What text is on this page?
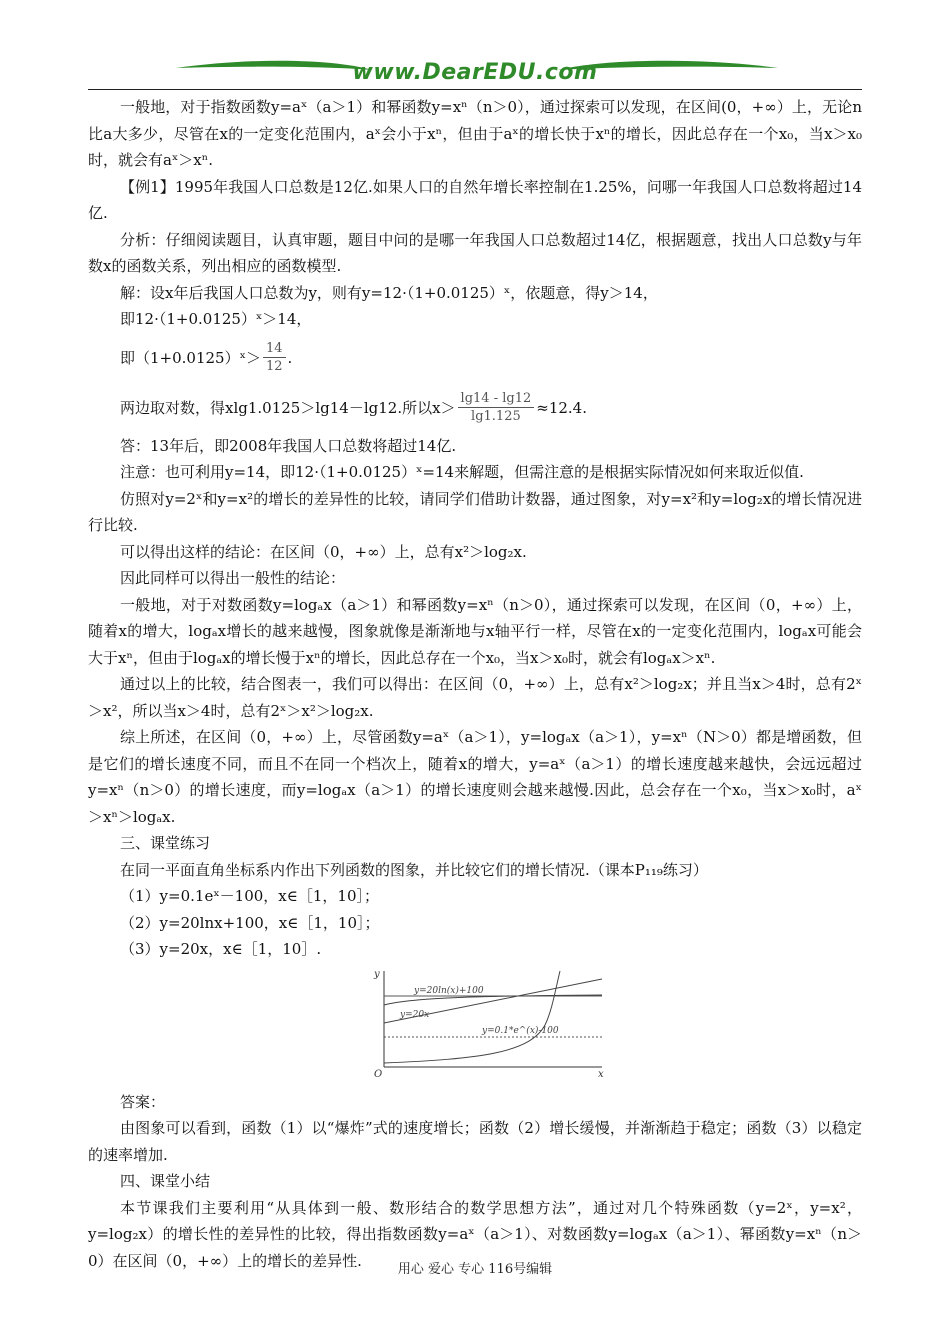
www.DearEDU.com

一般地，对于指数函数y=aˣ（a＞1）和幂函数y=xⁿ（n＞0），通过探索可以发现，在区间(0，+∞）上，无论n比a大多少，尽管在x的一定变化范围内，aˣ会小于xⁿ，但由于aˣ的增长快于xⁿ的增长，因此总存在一个x₀，当x＞x₀时，就会有aˣ＞xⁿ.

【例1】1995年我国人口总数是12亿.如果人口的自然年增长率控制在1.25%，问哪一年我国人口总数将超过14亿.

分析：仔细阅读题目，认真审题，题目中问的是哪一年我国人口总数超过14亿，根据题意，找出人口总数y与年数x的函数关系，列出相应的函数模型.

解：设x年后我国人口总数为y，则有y=12·（1+0.0125）ˣ，依题意，得y＞14，

即12·（1+0.0125）ˣ＞14，

即（1+0.0125）ˣ＞ $\frac{14}{12}$ .
两边取对数，得xlg1.0125＞lg14－lg12.所以$x> \frac{\lg 14 - \lg 12}{\lg 1.125} \approx 12.4$.

答：13年后，即2008年我国人口总数将超过14亿.

注意：也可利用y=14，即12·（1+0.0125）ˣ=14来解题，但需注意的是根据实际情况如何来取近似值.

仿照对y=2ˣ和y=x²的增长的差异性的比较，请同学们借助计数器，通过图象，对y=x²和y=log₂x的增长情况进行比较.

可以得出这样的结论：在区间（0，+∞）上，总有x²＞log₂x.

因此同样可以得出一般性的结论：

一般地，对于对数函数y=logₐx（a＞1）和幂函数y=xⁿ（n＞0），通过探索可以发现，在区间（0，+∞）上，随着x的增大，logₐx增长的越来越慢，图象就像是渐渐地与x轴平行一样，尽管在x的一定变化范围内，logₐx可能会大于xⁿ，但由于logₐx的增长慢于xⁿ的增长，因此总存在一个x₀，当x＞x₀时，就会有logₐx＞xⁿ.

通过以上的比较，结合图表一，我们可以得出：在区间（0，+∞）上，总有x²＞log₂x；并且当x＞4时，总有2ˣ＞x²，所以当x＞4时，总有2ˣ＞x²＞log₂x.

综上所述，在区间（0，+∞）上，尽管函数y=aˣ（a＞1），y=logₐx（a＞1），y=xⁿ（N＞0）都是增函数，但是它们的增长速度不同，而且不在同一个档次上，随着x的增大，y=aˣ（a＞1）的增长速度越来越快，会远远超过y=xⁿ（n＞0）的增长速度，而y=logₐx（a＞1）的增长速度则会越来越慢.因此，总会存在一个x₀，当x＞x₀时，aˣ＞xⁿ＞logₐx.

三、课堂练习

在同一平面直角坐标系内作出下列函数的图象，并比较它们的增长情况.（课本P₁₁₉练习）

（1）y=0.1eˣ－100，x∈［1，10］；

（2）y=20lnx+100，x∈［1，10］；

（3）y=20x，x∈［1，10］.

y
x
O
y=20ln(x)+100
y=20x
y=0.1*e^(x)-100

答案：

由图象可以看到，函数（1）以“爆炸”式的速度增长；函数（2）增长缓慢，并渐渐趋于稳定；函数（3）以稳定的速率增加.

四、课堂小结

本节课我们主要利用“从具体到一般、数形结合的数学思想方法”，通过对几个特殊函数（y=2ˣ，y=x²，y=log₂x）的增长性的差异性的比较，得出指数函数y=aˣ（a＞1）、对数函数y=logₐx（a＞1）、幂函数y=xⁿ（n＞0）在区间（0，+∞）上的增长的差异性.	用心 爱心 专心 116号编辑
